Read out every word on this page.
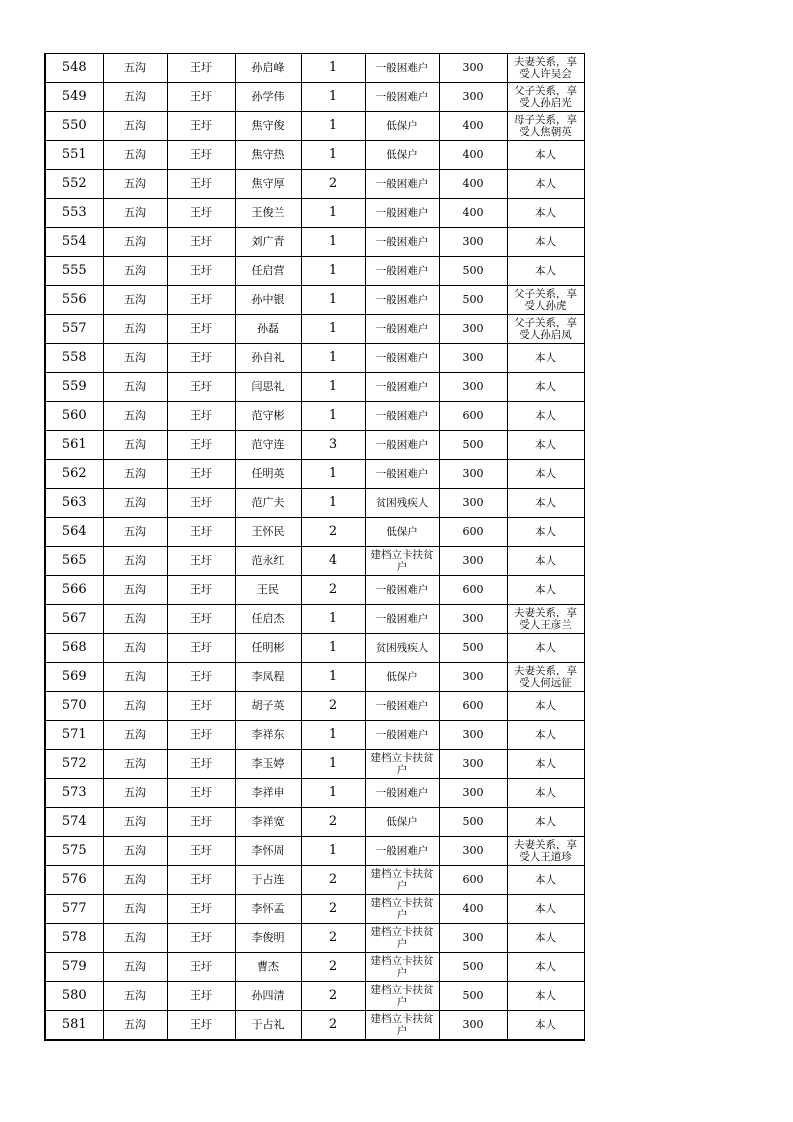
548	五沟	王圩	孙启峰	1	一般困难户	300	夫妻关系，享受人许吴会
549	五沟	王圩	孙学伟	1	一般困难户	300	父子关系，享受人孙启光
550	五沟	王圩	焦守俊	1	低保户	400	母子关系，享受人焦朝英
551	五沟	王圩	焦守热	1	低保户	400	本人
552	五沟	王圩	焦守厚	2	一般困难户	400	本人
553	五沟	王圩	王俊兰	1	一般困难户	400	本人
554	五沟	王圩	刘广青	1	一般困难户	300	本人
555	五沟	王圩	任启营	1	一般困难户	500	本人
556	五沟	王圩	孙中银	1	一般困难户	500	父子关系，享受人孙虎
557	五沟	王圩	孙磊	1	一般困难户	300	父子关系，享受人孙启凤
558	五沟	王圩	孙自礼	1	一般困难户	300	本人
559	五沟	王圩	闫思礼	1	一般困难户	300	本人
560	五沟	王圩	范守彬	1	一般困难户	600	本人
561	五沟	王圩	范守连	3	一般困难户	500	本人
562	五沟	王圩	任明英	1	一般困难户	300	本人
563	五沟	王圩	范广夫	1	贫困残疾人	300	本人
564	五沟	王圩	王怀民	2	低保户	600	本人
565	五沟	王圩	范永红	4	建档立卡扶贫户	300	本人
566	五沟	王圩	王民	2	一般困难户	600	本人
567	五沟	王圩	任启杰	1	一般困难户	300	夫妻关系，享受人王彦兰
568	五沟	王圩	任明彬	1	贫困残疾人	500	本人
569	五沟	王圩	李凤程	1	低保户	300	夫妻关系，享受人何远征
570	五沟	王圩	胡子英	2	一般困难户	600	本人
571	五沟	王圩	李祥东	1	一般困难户	300	本人
572	五沟	王圩	李玉婷	1	建档立卡扶贫户	300	本人
573	五沟	王圩	李祥申	1	一般困难户	300	本人
574	五沟	王圩	李祥宽	2	低保户	500	本人
575	五沟	王圩	李怀周	1	一般困难户	300	夫妻关系，享受人王道珍
576	五沟	王圩	于占连	2	建档立卡扶贫户	600	本人
577	五沟	王圩	李怀孟	2	建档立卡扶贫户	400	本人
578	五沟	王圩	李俊明	2	建档立卡扶贫户	300	本人
579	五沟	王圩	曹杰	2	建档立卡扶贫户	500	本人
580	五沟	王圩	孙四清	2	建档立卡扶贫户	500	本人
581	五沟	王圩	于占礼	2	建档立卡扶贫户	300	本人
